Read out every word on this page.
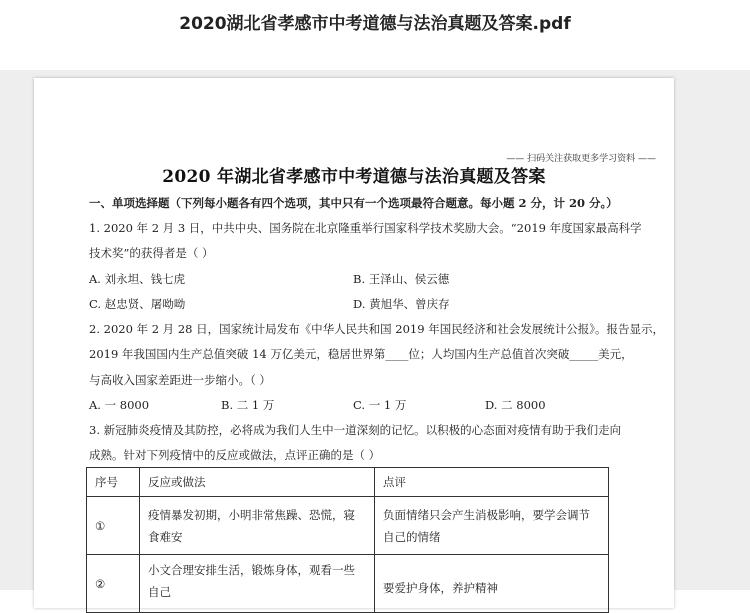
2020湖北省孝感市中考道德与法治真题及答案.pdf
—— 扫码关注获取更多学习资料 ——
2020 年湖北省孝感市中考道德与法治真题及答案
一、单项选择题（下列每小题各有四个选项，其中只有一个选项最符合题意。每小题 2 分，计 20 分。）
1. 2020 年 2 月 3 日，中共中央、国务院在北京隆重举行国家科学技术奖励大会。“2019 年度国家最高科学
技术奖”的获得者是（ ）
A. 刘永坦、钱七虎	B. 王泽山、侯云德
C. 赵忠贤、屠呦呦	D. 黄旭华、曾庆存
2. 2020 年 2 月 28 日，国家统计局发布《中华人民共和国 2019 年国民经济和社会发展统计公报》。报告显示，
2019 年我国国内生产总值突破 14 万亿美元，稳居世界第____位；人均国内生产总值首次突破_____美元，
与高收入国家差距进一步缩小。（ ）
A. 一 8000	B. 二 1 万	C. 一 1 万	D. 二 8000
3. 新冠肺炎疫情及其防控，必将成为我们人生中一道深刻的记忆。以积极的心态面对疫情有助于我们走向
成熟。针对下列疫情中的反应或做法，点评正确的是（ ）
序号	反应或做法	点评
①	疫情暴发初期，小明非常焦躁、恐慌，寝食难安	负面情绪只会产生消极影响，要学会调节自己的情绪
②	小文合理安排生活，锻炼身体，观看一些自己	要爱护身体，养护精神
